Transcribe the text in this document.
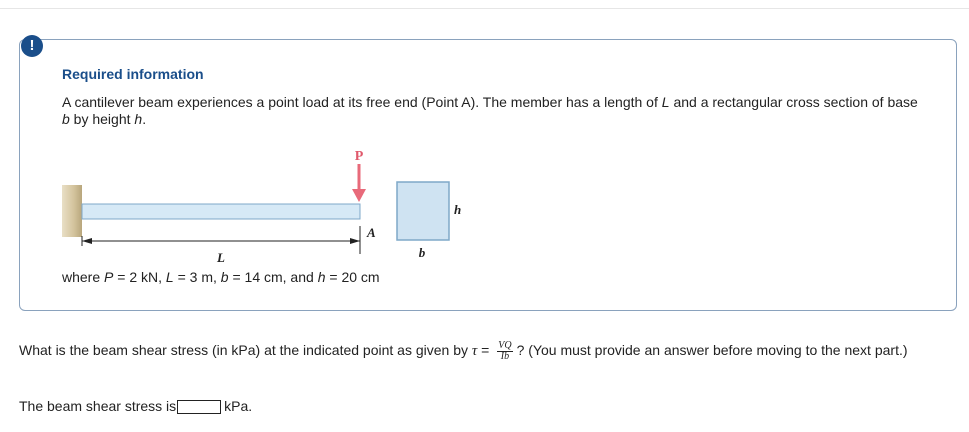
!
Required information
A cantilever beam experiences a point load at its free end (Point A). The member has a length of L and a rectangular cross section of base b by height h.
P
A
L
h
b
where P = 2 kN, L = 3 m, b = 14 cm, and h = 20 cm
What is the beam shear stress (in kPa) at the indicated point as given by $\tau = \frac{VQ}{Ib}$ ? (You must provide an answer before moving to the next part.)
The beam shear stress is	kPa.
